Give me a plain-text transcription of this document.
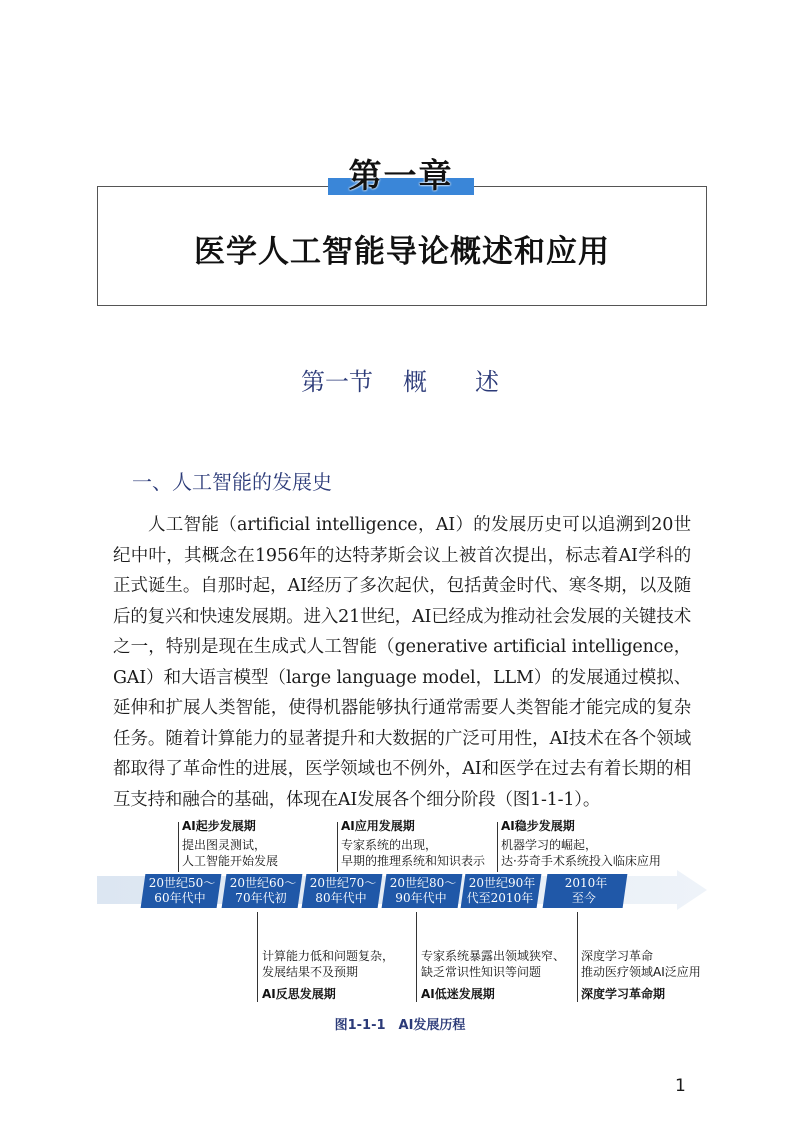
第一章
医学人工智能导论概述和应用
第一节 概 述
一、人工智能的发展史
人工智能（artificial intelligence，AI）的发展历史可以追溯到20世纪中叶，其概念在1956年的达特茅斯会议上被首次提出，标志着AI学科的正式诞生。自那时起，AI经历了多次起伏，包括黄金时代、寒冬期，以及随后的复兴和快速发展期。进入21世纪，AI已经成为推动社会发展的关键技术之一，特别是现在生成式人工智能（generative artificial intelligence，GAI）和大语言模型（large language model，LLM）的发展通过模拟、延伸和扩展人类智能，使得机器能够执行通常需要人类智能才能完成的复杂任务。随着计算能力的显著提升和大数据的广泛可用性，AI技术在各个领域都取得了革命性的进展，医学领域也不例外，AI和医学在过去有着长期的相互支持和融合的基础，体现在AI发展各个细分阶段（图1-1-1）。
20世纪50～
60年代中
20世纪60～
70年代初
20世纪70～
80年代中
20世纪80～
90年代中
20世纪90年
代至2010年
2010年
至今
AI起步发展期
提出图灵测试，
人工智能开始发展
AI应用发展期
专家系统的出现，
早期的推理系统和知识表示
AI稳步发展期
机器学习的崛起，
达·芬奇手术系统投入临床应用
计算能力低和问题复杂，
发展结果不及预期
AI反思发展期
专家系统暴露出领域狭窄、
缺乏常识性知识等问题
AI低迷发展期
深度学习革命
推动医疗领域AI泛应用
深度学习革命期
图1-1-1　AI发展历程
1
